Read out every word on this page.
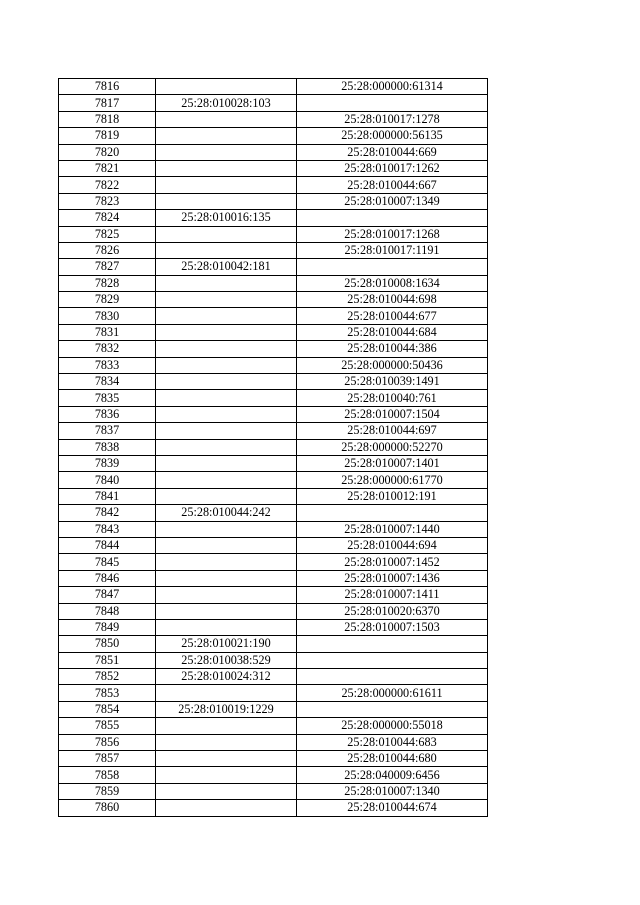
7816		25:28:000000:61314
7817	25:28:010028:103	
7818		25:28:010017:1278
7819		25:28:000000:56135
7820		25:28:010044:669
7821		25:28:010017:1262
7822		25:28:010044:667
7823		25:28:010007:1349
7824	25:28:010016:135	
7825		25:28:010017:1268
7826		25:28:010017:1191
7827	25:28:010042:181	
7828		25:28:010008:1634
7829		25:28:010044:698
7830		25:28:010044:677
7831		25:28:010044:684
7832		25:28:010044:386
7833		25:28:000000:50436
7834		25:28:010039:1491
7835		25:28:010040:761
7836		25:28:010007:1504
7837		25:28:010044:697
7838		25:28:000000:52270
7839		25:28:010007:1401
7840		25:28:000000:61770
7841		25:28:010012:191
7842	25:28:010044:242	
7843		25:28:010007:1440
7844		25:28:010044:694
7845		25:28:010007:1452
7846		25:28:010007:1436
7847		25:28:010007:1411
7848		25:28:010020:6370
7849		25:28:010007:1503
7850	25:28:010021:190	
7851	25:28:010038:529	
7852	25:28:010024:312	
7853		25:28:000000:61611
7854	25:28:010019:1229	
7855		25:28:000000:55018
7856		25:28:010044:683
7857		25:28:010044:680
7858		25:28:040009:6456
7859		25:28:010007:1340
7860		25:28:010044:674
